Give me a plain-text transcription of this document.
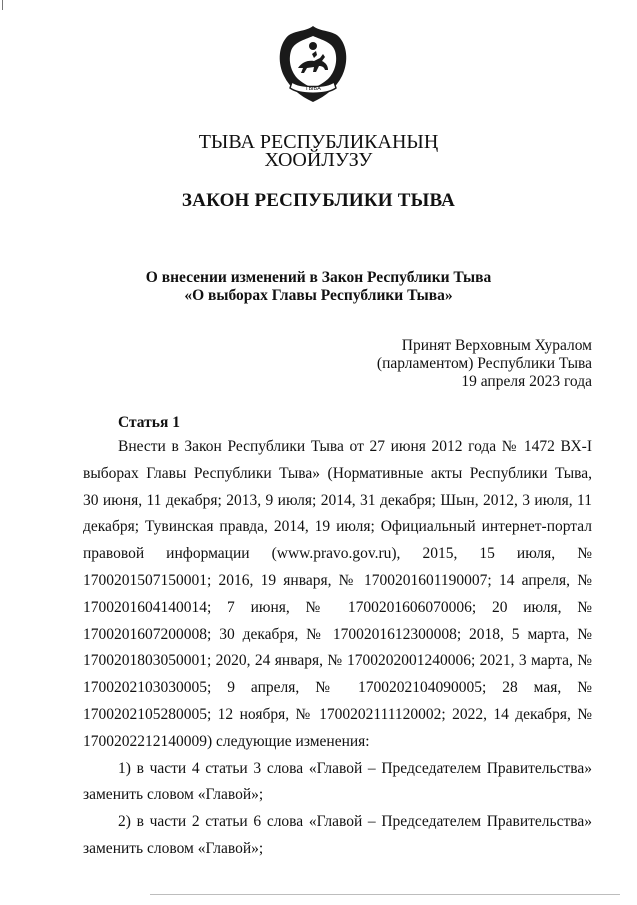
ТЫВА
ТЫВА РЕСПУБЛИКАНЫҢ
ХООЙЛУЗУ
ЗАКОН РЕСПУБЛИКИ ТЫВА
О внесении изменений в Закон Республики Тыва
«О выборах Главы Республики Тыва»
Принят Верховным Хуралом
(парламентом) Республики Тыва
19 апреля 2023 года
Статья 1
Внести в Закон Республики Тыва от 27 июня 2012 года № 1472 ВХ-I
выборах Главы Республики Тыва» (Нормативные акты Республики Тыва,
30 июня, 11 декабря; 2013, 9 июля; 2014, 31 декабря; Шын, 2012, 3 июля, 11
декабря; Тувинская правда, 2014, 19 июля; Официальный интернет-портал
правовой информации (www.pravo.gov.ru), 2015, 15 июля, №
1700201507150001; 2016, 19 января, № 1700201601190007; 14 апреля, №
1700201604140014; 7 июня, № 1700201606070006; 20 июля, №
1700201607200008; 30 декабря, № 1700201612300008; 2018, 5 марта, №
1700201803050001; 2020, 24 января, № 1700202001240006; 2021, 3 марта, №
1700202103030005; 9 апреля, № 1700202104090005; 28 мая, №
1700202105280005; 12 ноября, № 1700202111120002; 2022, 14 декабря, №
1700202212140009) следующие изменения:
1) в части 4 статьи 3 слова «Главой – Председателем Правительства»
заменить словом «Главой»;
2) в части 2 статьи 6 слова «Главой – Председателем Правительства»
заменить словом «Главой»;
